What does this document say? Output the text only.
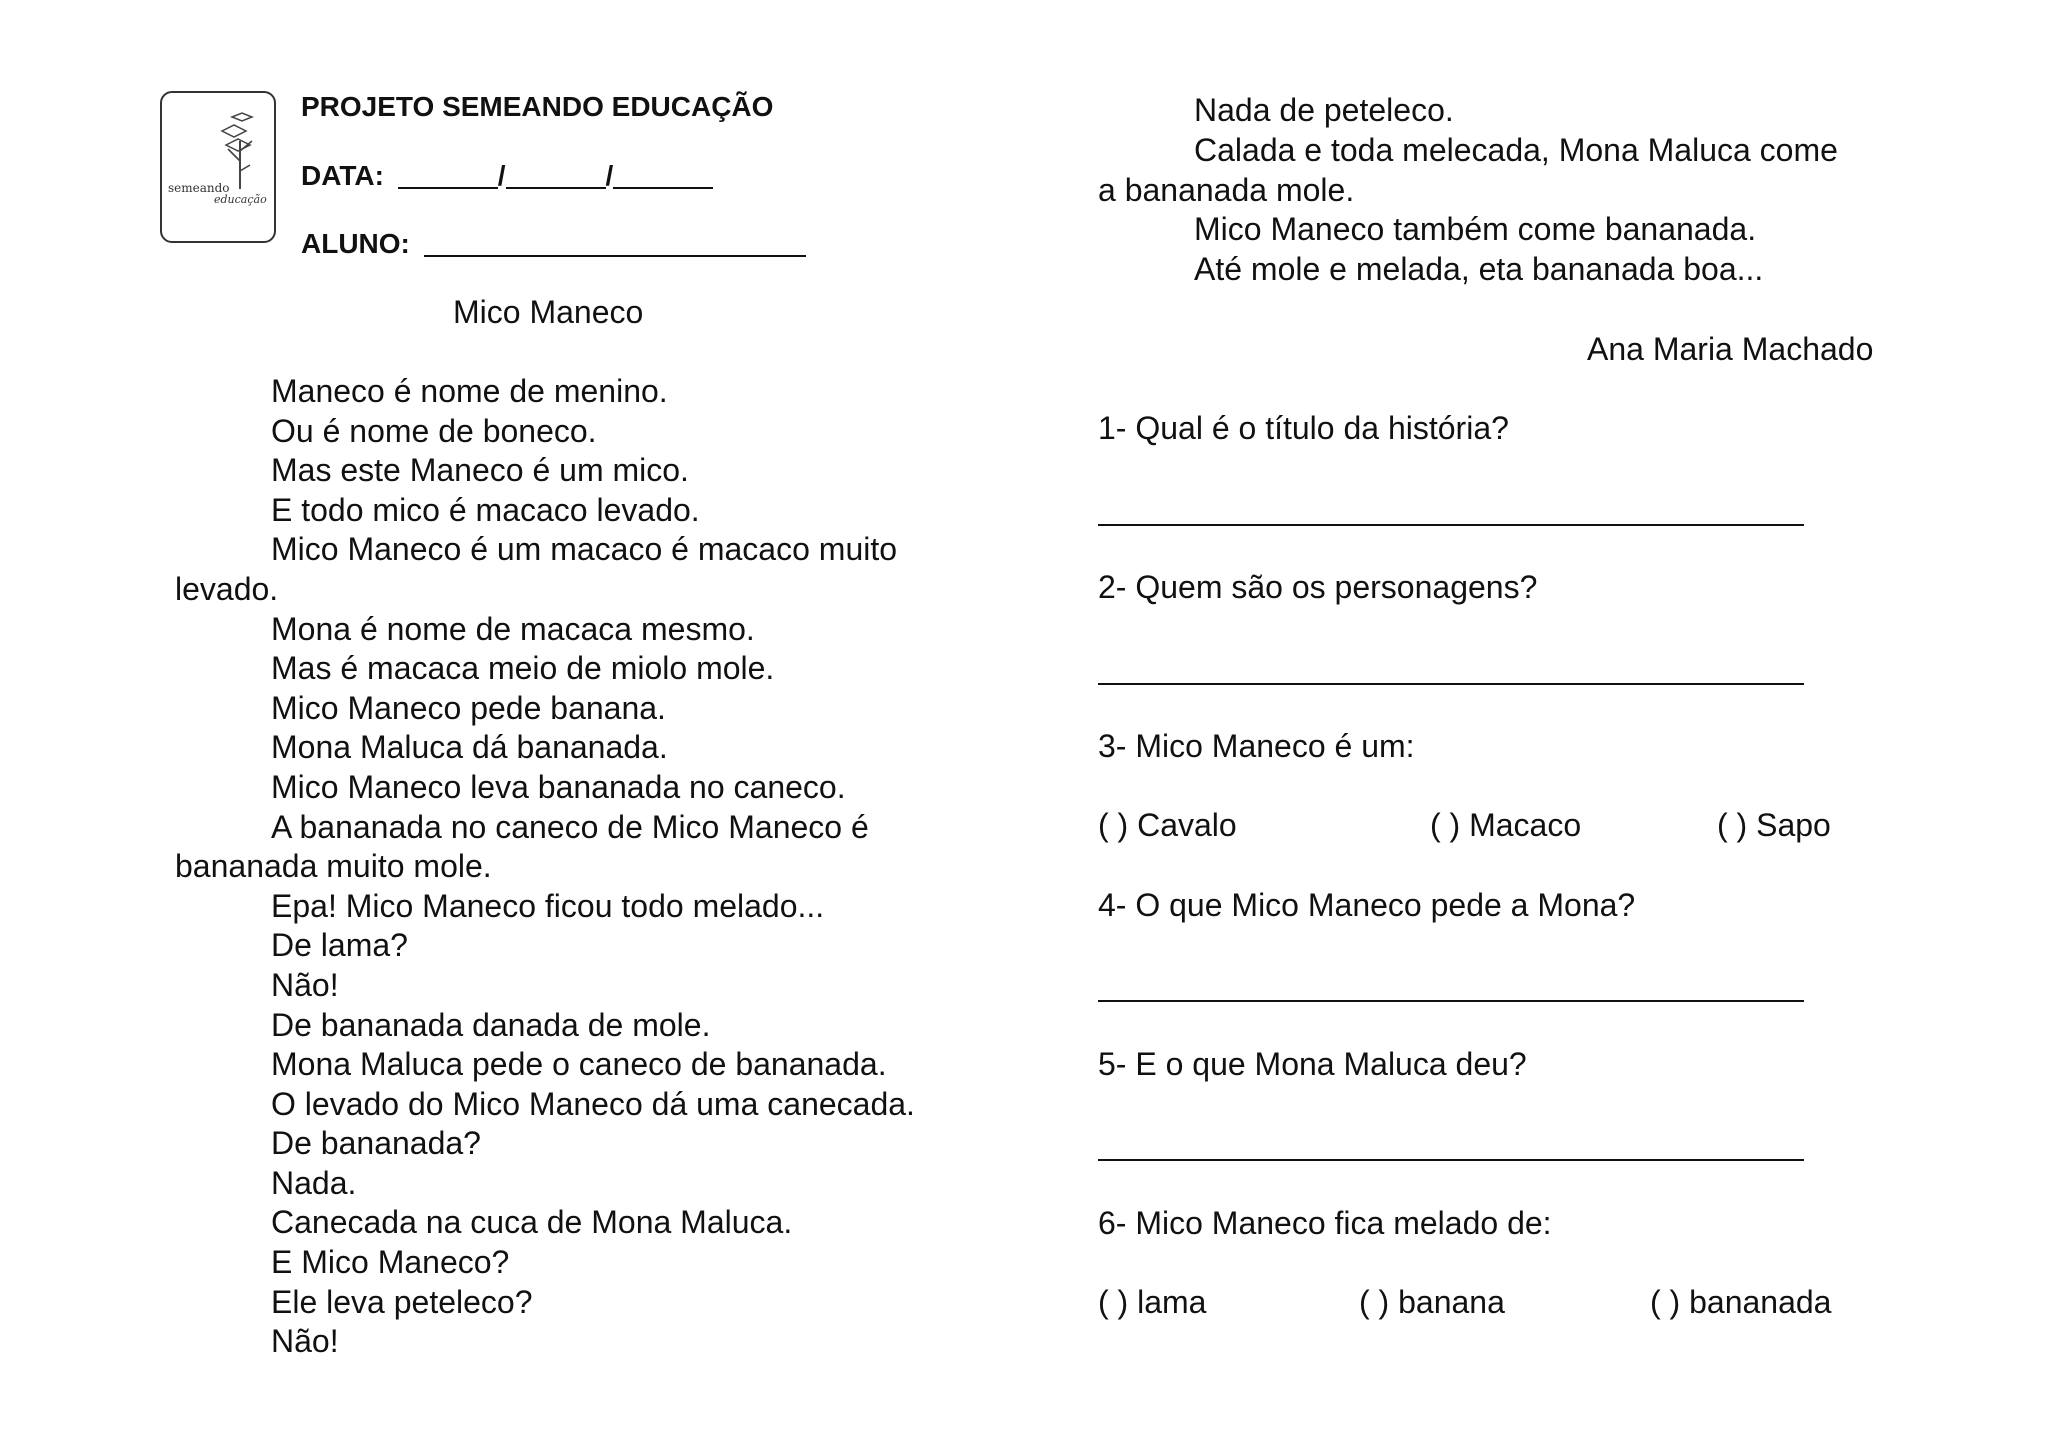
semeando
educação
PROJETO SEMEANDO EDUCAÇÃO
DATA:	/	/
ALUNO:
Mico Maneco
Maneco é nome de menino.
Ou é nome de boneco.
Mas este Maneco é um mico.
E todo mico é macaco levado.
Mico Maneco é um macaco é macaco muito
levado.
Mona é nome de macaca mesmo.
Mas é macaca meio de miolo mole.
Mico Maneco pede banana.
Mona Maluca dá bananada.
Mico Maneco leva bananada no caneco.
A bananada no caneco de Mico Maneco é
bananada muito mole.
Epa! Mico Maneco ficou todo melado...
De lama?
Não!
De bananada danada de mole.
Mona Maluca pede o caneco de bananada.
O levado do Mico Maneco dá uma canecada.
De bananada?
Nada.
Canecada na cuca de Mona Maluca.
E Mico Maneco?
Ele leva peteleco?
Não!
Nada de peteleco.
Calada e toda melecada, Mona Maluca come
a bananada mole.
Mico Maneco também come bananada.
Até mole e melada, eta bananada boa...
Ana Maria Machado
1- Qual é o título da história?
2- Quem são os personagens?
3- Mico Maneco é um:
( ) Cavalo	( ) Macaco	( ) Sapo
4- O que Mico Maneco pede a Mona?
5- E o que Mona Maluca deu?
6- Mico Maneco fica melado de:
( ) lama	( ) banana	( ) bananada
